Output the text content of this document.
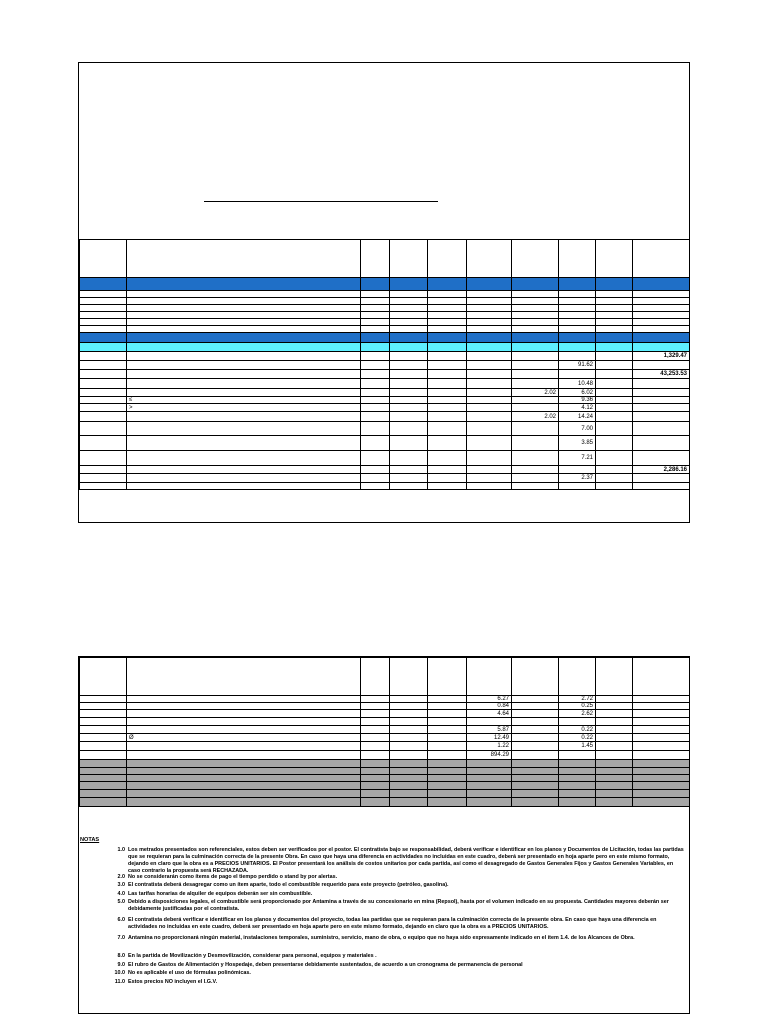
									1,329.47
							91.62		
									43,253.53
							10.48		
						2.02	6.02		
	≤						9.36		
	>						4.12		
						2.02	14.24		
							7.00		
							3.85		
							7.21		
									2,286.16
							2.37		

					6.27		2.72		
					0.84		0.25		
					4.64		2.62		

					5.87		0.22		
	Ø				12.49		0.22		
					1.22		1.45		
					894.29				

NOTAS
1.0 Los metrados presentados son referenciales, estos deben ser verificados por el postor. El contratista bajo se responsabilidad, deberá verificar e identificar en los planos y Documentos de Licitación, todas las partidas que se requieran para la culminación correcta de la presente Obra. En caso que haya una diferencia en actividades no incluidas en este cuadro, deberá ser presentado en hoja aparte pero en este mismo formato, dejando en claro que la obra es a PRECIOS UNITARIOS. El Postor presentará los análisis de costos unitarios por cada partida, así como el desagregado de Gastos Generales Fijos y Gastos Generales Variables, en caso contrario la propuesta será RECHAZADA.
2.0 No se considerarán como ítems de pago el tiempo perdido o stand by por alertas.
3.0 El contratista deberá desagregar como un ítem aparte, todo el combustible requerido para este proyecto (petróleo, gasolina).
4.0 Las tarifas horarias de alquiler de equipos deberán ser sin combustible.
5.0 Debido a disposiciones legales, el combustible será proporcionado por Antamina a través de su concesionario en mina (Repsol), hasta por el volumen indicado en su propuesta. Cantidades mayores deberán ser debidamente justificadas por el contratista.
6.0 El contratista deberá verificar e identificar en los planos y documentos del proyecto, todas las partidas que se requieran para la culminación correcta de la presente obra. En caso que haya una diferencia en actividades no incluidas en este cuadro, deberá ser presentado en hoja aparte pero en este mismo formato, dejando en claro que la obra es a PRECIOS UNITARIOS.
7.0 Antamina no proporcionará ningún material, instalaciones temporales, suministro, servicio, mano de obra, o equipo que no haya sido expresamente indicado en el ítem 1.4. de los Alcances de Obra.
8.0 En la partida de Movilización y Desmovilización, considerar para personal, equipos y materiales .
9.0 El rubro de Gastos de Alimentación y Hospedaje, deben presentarse debidamente sustentados, de acuerdo a un cronograma de permanencia de personal
10.0 No es aplicable el uso de fórmulas polinómicas.
11.0 Estos precios NO incluyen el I.G.V.
